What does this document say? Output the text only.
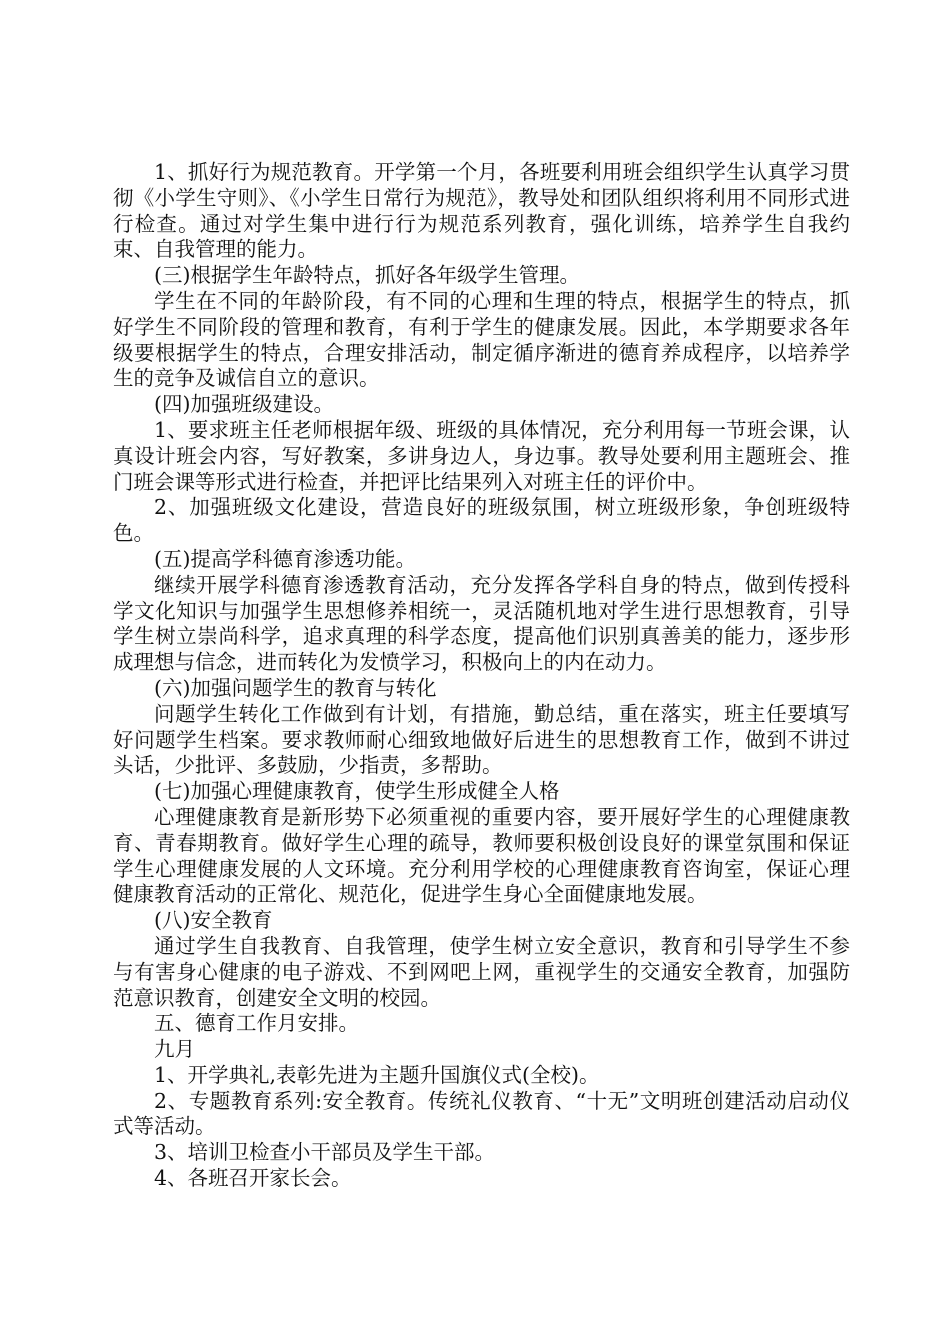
1、抓好行为规范教育。开学第一个月，各班要利用班会组织学生认真学习贯彻《小学生守则》、《小学生日常行为规范》，教导处和团队组织将利用不同形式进行检查。通过对学生集中进行行为规范系列教育，强化训练，培养学生自我约束、自我管理的能力。

(三)根据学生年龄特点，抓好各年级学生管理。

学生在不同的年龄阶段，有不同的心理和生理的特点，根据学生的特点，抓好学生不同阶段的管理和教育，有利于学生的健康发展。因此，本学期要求各年级要根据学生的特点，合理安排活动，制定循序渐进的德育养成程序，以培养学生的竞争及诚信自立的意识。

(四)加强班级建设。

1、要求班主任老师根据年级、班级的具体情况，充分利用每一节班会课，认真设计班会内容，写好教案，多讲身边人，身边事。教导处要利用主题班会、推门班会课等形式进行检查，并把评比结果列入对班主任的评价中。

2、加强班级文化建设，营造良好的班级氛围，树立班级形象，争创班级特色。

(五)提高学科德育渗透功能。

继续开展学科德育渗透教育活动，充分发挥各学科自身的特点，做到传授科学文化知识与加强学生思想修养相统一，灵活随机地对学生进行思想教育，引导学生树立崇尚科学，追求真理的科学态度，提高他们识别真善美的能力，逐步形成理想与信念，进而转化为发愤学习，积极向上的内在动力。

(六)加强问题学生的教育与转化

问题学生转化工作做到有计划，有措施，勤总结，重在落实，班主任要填写好问题学生档案。要求教师耐心细致地做好后进生的思想教育工作，做到不讲过头话，少批评、多鼓励，少指责，多帮助。

(七)加强心理健康教育，使学生形成健全人格

心理健康教育是新形势下必须重视的重要内容，要开展好学生的心理健康教育、青春期教育。做好学生心理的疏导，教师要积极创设良好的课堂氛围和保证学生心理健康发展的人文环境。充分利用学校的心理健康教育咨询室，保证心理健康教育活动的正常化、规范化，促进学生身心全面健康地发展。

(八)安全教育

通过学生自我教育、自我管理，使学生树立安全意识，教育和引导学生不参与有害身心健康的电子游戏、不到网吧上网，重视学生的交通安全教育，加强防范意识教育，创建安全文明的校园。

五、德育工作月安排。

九月

1、开学典礼,表彰先进为主题升国旗仪式(全校)。

2、专题教育系列:安全教育。传统礼仪教育、“十无”文明班创建活动启动仪式等活动。

3、培训卫检查小干部员及学生干部。

4、各班召开家长会。
